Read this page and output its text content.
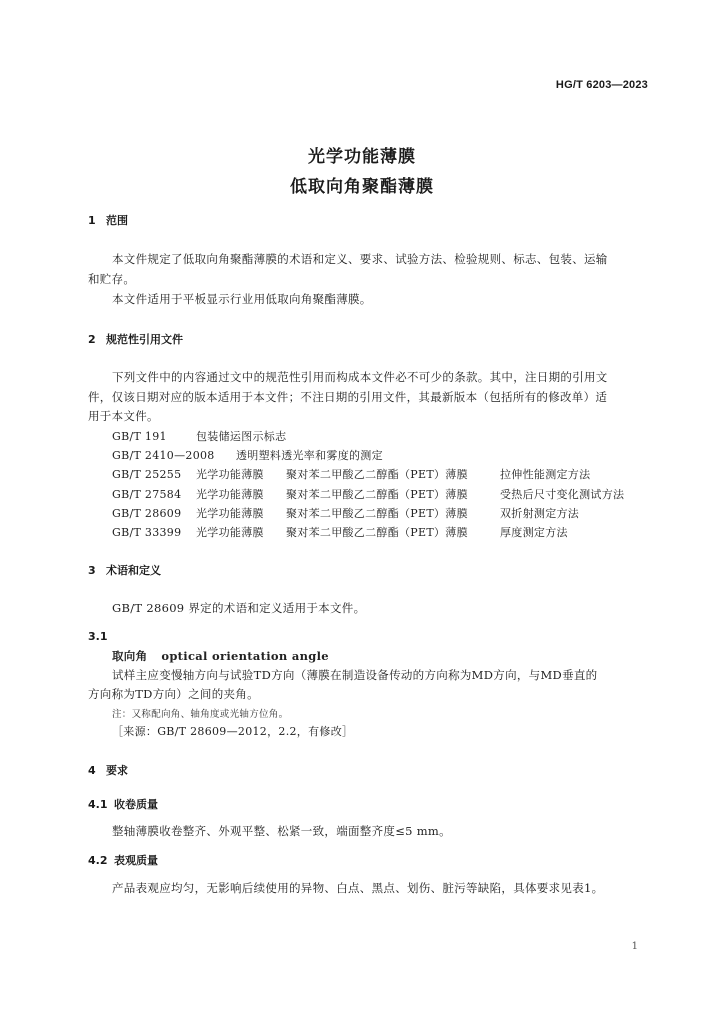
HG/T 6203—2023
光学功能薄膜
低取向角聚酯薄膜
1 范围
本文件规定了低取向角聚酯薄膜的术语和定义、要求、试验方法、检验规则、标志、包装、运输
和贮存。
本文件适用于平板显示行业用低取向角聚酯薄膜。
2 规范性引用文件
下列文件中的内容通过文中的规范性引用而构成本文件必不可少的条款。其中，注日期的引用文
件，仅该日期对应的版本适用于本文件；不注日期的引用文件，其最新版本（包括所有的修改单）适
用于本文件。
GB/T 191	包装储运图示标志
GB/T 2410—2008 透明塑料透光率和雾度的测定
GB/T 25255 光学功能薄膜 聚对苯二甲酸乙二醇酯（PET）薄膜	拉伸性能测定方法
GB/T 27584 光学功能薄膜 聚对苯二甲酸乙二醇酯（PET）薄膜	受热后尺寸变化测试方法
GB/T 28609 光学功能薄膜 聚对苯二甲酸乙二醇酯（PET）薄膜	双折射测定方法
GB/T 33399 光学功能薄膜 聚对苯二甲酸乙二醇酯（PET）薄膜	厚度测定方法
3 术语和定义
GB/T 28609 界定的术语和定义适用于本文件。
3.1
取向角 optical orientation angle
试样主应变慢轴方向与试验TD方向（薄膜在制造设备传动的方向称为MD方向，与MD垂直的
方向称为TD方向）之间的夹角。
注：又称配向角、轴角度或光轴方位角。
［来源：GB/T 28609—2012，2.2，有修改］
4 要求
4.1 收卷质量
整轴薄膜收卷整齐、外观平整、松紧一致，端面整齐度≤5 mm。
4.2 表观质量
产品表观应均匀，无影响后续使用的异物、白点、黑点、划伤、脏污等缺陷，具体要求见表1。
1
